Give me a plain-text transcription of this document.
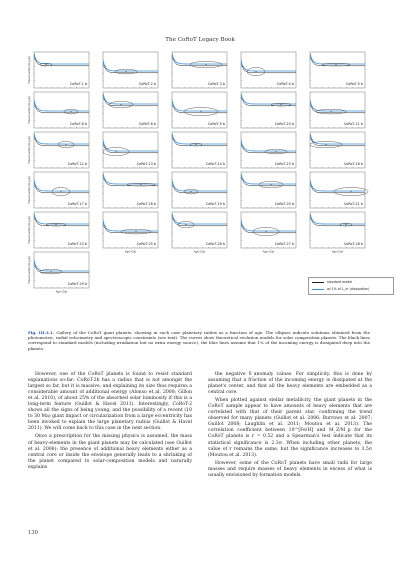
The CoRoT Legacy Book
CoRoT-1 b
Planet radius [R_Jup]
CoRoT-2 b	CoRoT-3 b	CoRoT-4 b	CoRoT-5 b
CoRoT-6 b
Planet radius [R_Jup]
CoRoT-8 b	CoRoT-9 b	CoRoT-10 b	CoRoT-11 b
CoRoT-12 b
Planet radius [R_Jup]
CoRoT-13 b	CoRoT-14 b	CoRoT-15 b	CoRoT-16 b
CoRoT-17 b
Planet radius [R_Jup]
CoRoT-18 b	CoRoT-19 b	CoRoT-20 b	CoRoT-21 b
CoRoT-23 b
Planet radius [R_Jup]
CoRoT-25 b
Age [Ga]
CoRoT-26 b
Age [Ga]
CoRoT-27 b
Age [Ga]
CoRoT-28 b
Age [Ga]
CoRoT-29 b
Planet radius [R_Jup]
Age [Ga]
standard model
w/ 1% of L_irr (dissipation)
Fig. III.3.1. Gallery of the CoRoT giant planets, showing in each case planetary radius as a function of age. The ellipses indicate solutions obtained from the photometric, radial velocimetry and spectroscopic constraints (see text). The curves show theoretical evolution models for solar composition planets. The black lines correspond to standard models (including irradiation but no extra energy source), the blue lines assume that 1% of the incoming energy is dissipated deep into the planets.

However, one of the CoRoT planets is found to resist standard explanations so-far: CoRoT-2b has a radius that is not amongst the largest so far, but it is massive, and explaining its size thus requires a considerable amount of additional energy (Alonso et al. 2008; Gillon et al. 2010), of about 25% of the absorbed solar luminosity if this is a long-term feature (Guillot & Havel 2011). Interestingly, CoRoT-2 shows all the signs of being young, and the possibility of a recent (10 to 30 Ma) giant impact or circularization from a large eccentricity has been invoked to explain the large planetary radius (Guillot & Havel 2011). We will come back to this case in the next section.

Once a prescription for the missing physics is assumed, the mass of heavy-elements in the giant planets may be calculated (see Guillot et al. 2006): the presence of additional heavy elements either as a central core or inside the envelope generally leads to a shrinking of the planet compared to solar-composition models and naturally explains

the negative δ_anomaly values. For simplicity, this is done by assuming that a fraction of the incoming energy is dissipated at the planet's center, and that all the heavy elements are embedded as a central core.

When plotted against stellar metallicity, the giant planets in the CoRoT sample appear to have amounts of heavy elements that are correlated with that of their parent star, confirming the trend observed for many planets (Guillot et al. 2006; Burrows et al. 2007; Guillot 2008; Laughlin et al. 2011; Moutou et al. 2013). The correlation coefficient between 10^[Fe/H] and M_Z/M_p for the CoRoT planets is r = 0.52 and a Spearman's test indicate that its statistical significance is 2.3σ. When including other planets, the value of r remains the same, but the significance increases to 3.5σ (Moutou et al. 2013).

However, some of the CoRoT planets have small radii for large masses and require masses of heavy elements in excess of what is usually envisioned by formation models.

130
